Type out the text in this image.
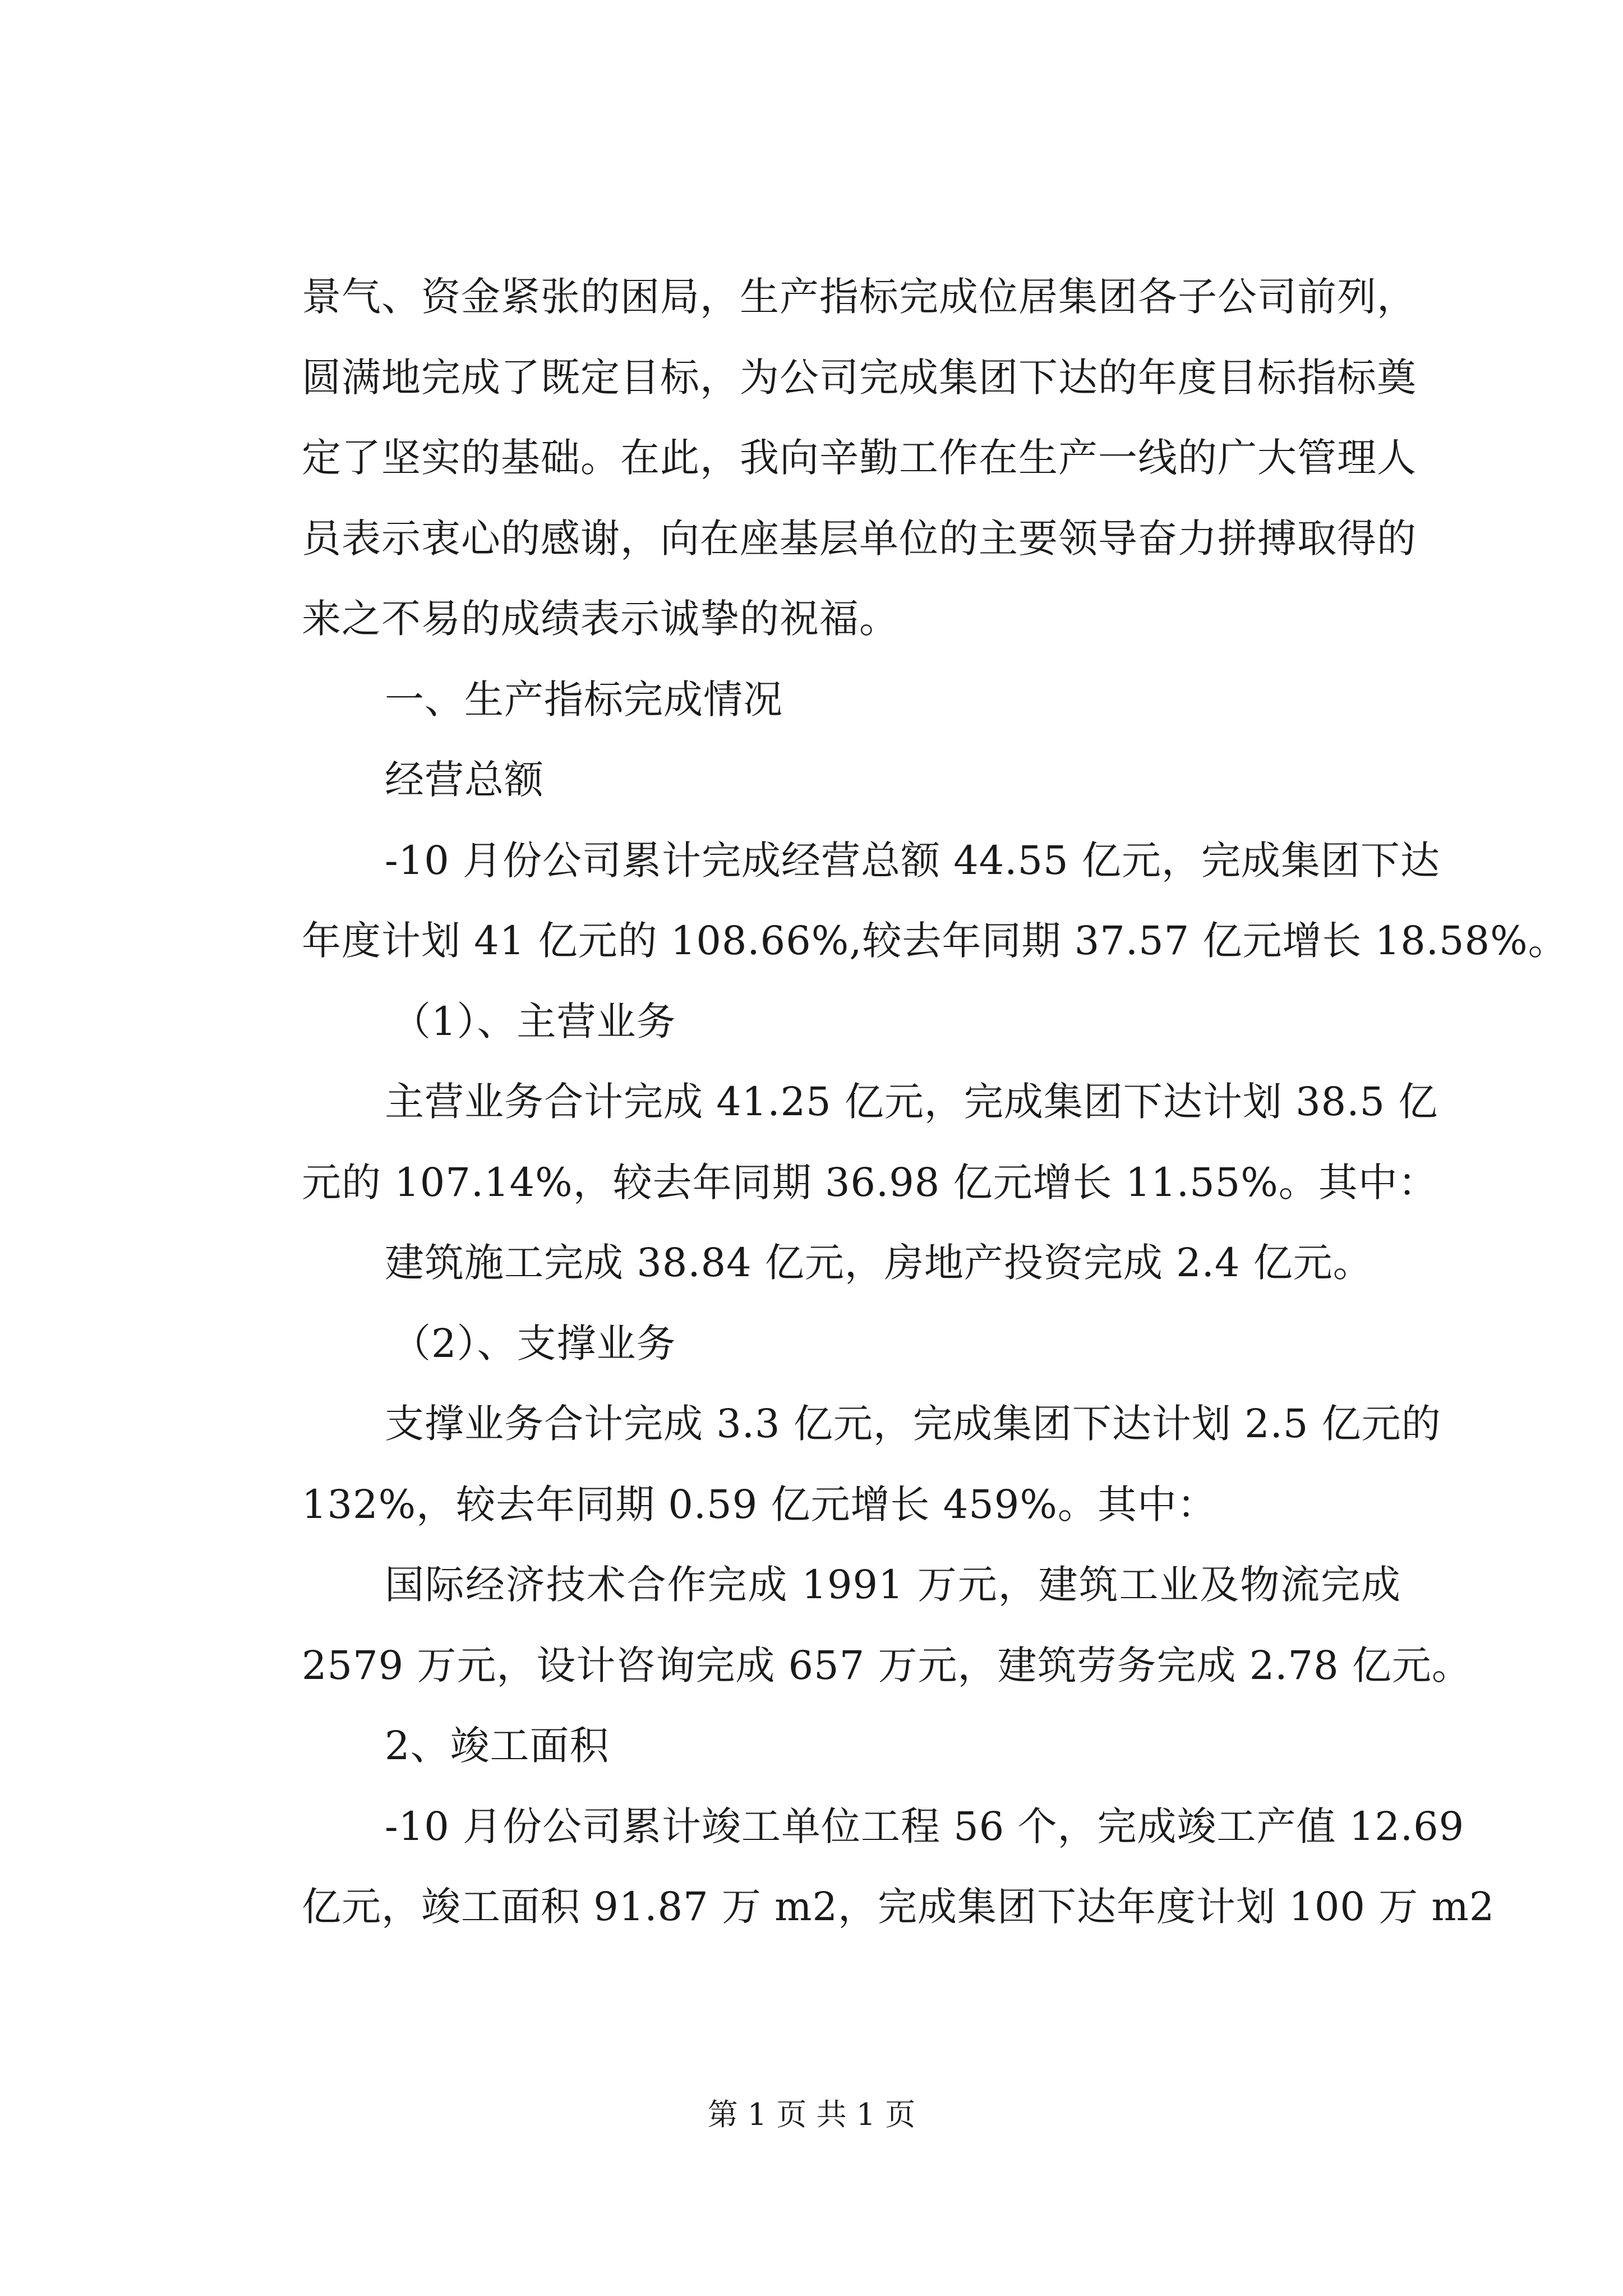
景气、资金紧张的困局，生产指标完成位居集团各子公司前列，
圆满地完成了既定目标，为公司完成集团下达的年度目标指标奠
定了坚实的基础。在此，我向辛勤工作在生产一线的广大管理人
员表示衷心的感谢，向在座基层单位的主要领导奋力拼搏取得的
来之不易的成绩表示诚挚的祝福。
一、生产指标完成情况
经营总额
-10 月份公司累计完成经营总额 44.55 亿元，完成集团下达
年度计划 41 亿元的 108.66%,较去年同期 37.57 亿元增长 18.58%。
（1）、主营业务
主营业务合计完成 41.25 亿元，完成集团下达计划 38.5 亿
元的 107.14%，较去年同期 36.98 亿元增长 11.55%。其中：
建筑施工完成 38.84 亿元，房地产投资完成 2.4 亿元。
（2）、支撑业务
支撑业务合计完成 3.3 亿元，完成集团下达计划 2.5 亿元的
132%，较去年同期 0.59 亿元增长 459%。其中：
国际经济技术合作完成 1991 万元，建筑工业及物流完成
2579 万元，设计咨询完成 657 万元，建筑劳务完成 2.78 亿元。
2、竣工面积
-10 月份公司累计竣工单位工程 56 个，完成竣工产值 12.69
亿元，竣工面积 91.87 万 m2，完成集团下达年度计划 100 万 m2
第 1 页 共 1 页
